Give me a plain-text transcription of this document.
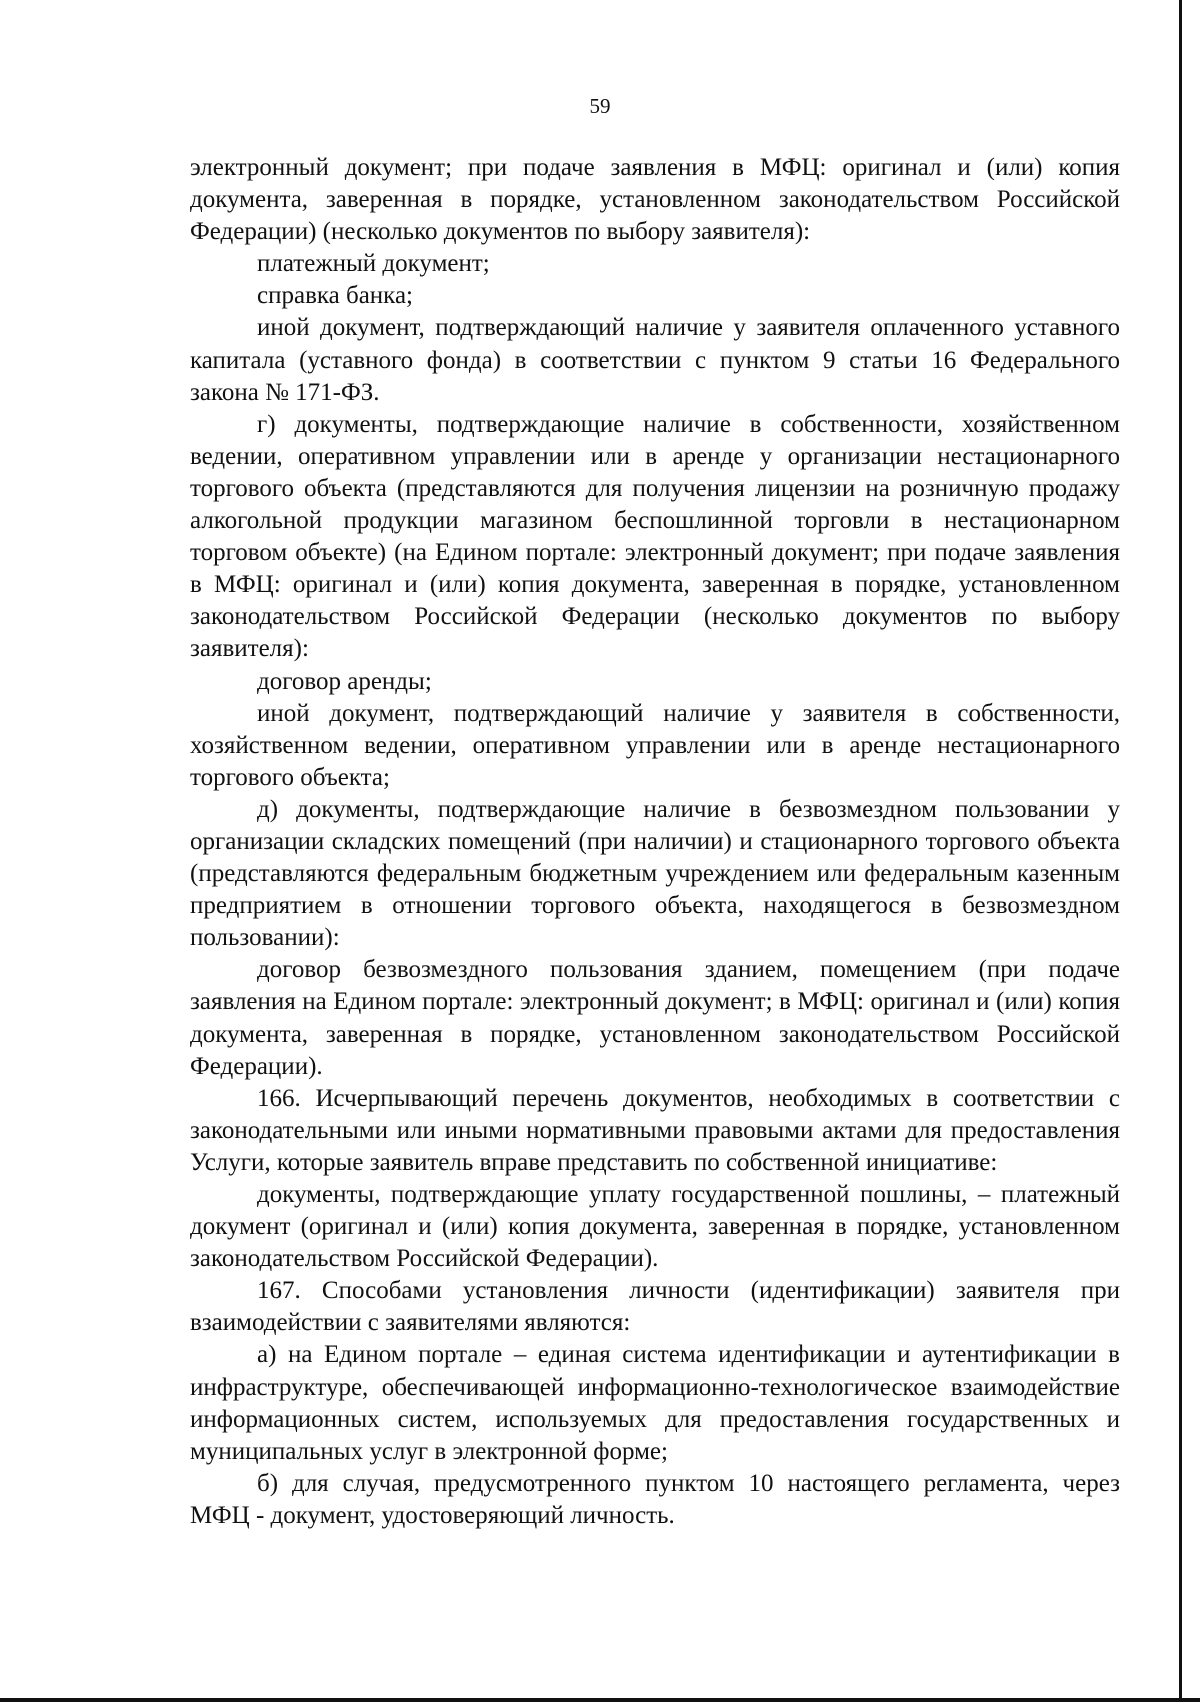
59

электронный документ; при подаче заявления в МФЦ: оригинал и (или) копия документа, заверенная в порядке, установленном законодательством Российской Федерации) (несколько документов по выбору заявителя):

платежный документ;

справка банка;

иной документ, подтверждающий наличие у заявителя оплаченного уставного капитала (уставного фонда) в соответствии с пунктом 9 статьи 16 Федерального закона № 171-ФЗ.

г) документы, подтверждающие наличие в собственности, хозяйственном ведении, оперативном управлении или в аренде у организации нестационарного торгового объекта (представляются для получения лицензии на розничную продажу алкогольной продукции магазином беспошлинной торговли в нестационарном торговом объекте) (на Едином портале: электронный документ; при подаче заявления в МФЦ: оригинал и (или) копия документа, заверенная в порядке, установленном законодательством Российской Федерации (несколько документов по выбору заявителя):

договор аренды;

иной документ, подтверждающий наличие у заявителя в собственности, хозяйственном ведении, оперативном управлении или в аренде нестационарного торгового объекта;

д) документы, подтверждающие наличие в безвозмездном пользовании у организации складских помещений (при наличии) и стационарного торгового объекта (представляются федеральным бюджетным учреждением или федеральным казенным предприятием в отношении торгового объекта, находящегося в безвозмездном пользовании):

договор безвозмездного пользования зданием, помещением (при подаче заявления на Едином портале: электронный документ; в МФЦ: оригинал и (или) копия документа, заверенная в порядке, установленном законодательством Российской Федерации).

166. Исчерпывающий перечень документов, необходимых в соответствии с законодательными или иными нормативными правовыми актами для предоставления Услуги, которые заявитель вправе представить по собственной инициативе:

документы, подтверждающие уплату государственной пошлины, – платежный документ (оригинал и (или) копия документа, заверенная в порядке, установленном законодательством Российской Федерации).

167. Способами установления личности (идентификации) заявителя при взаимодействии с заявителями являются:

а) на Едином портале – единая система идентификации и аутентификации в инфраструктуре, обеспечивающей информационно-технологическое взаимодействие информационных систем, используемых для предоставления государственных и муниципальных услуг в электронной форме;

б) для случая, предусмотренного пунктом 10 настоящего регламента, через МФЦ - документ, удостоверяющий личность.
